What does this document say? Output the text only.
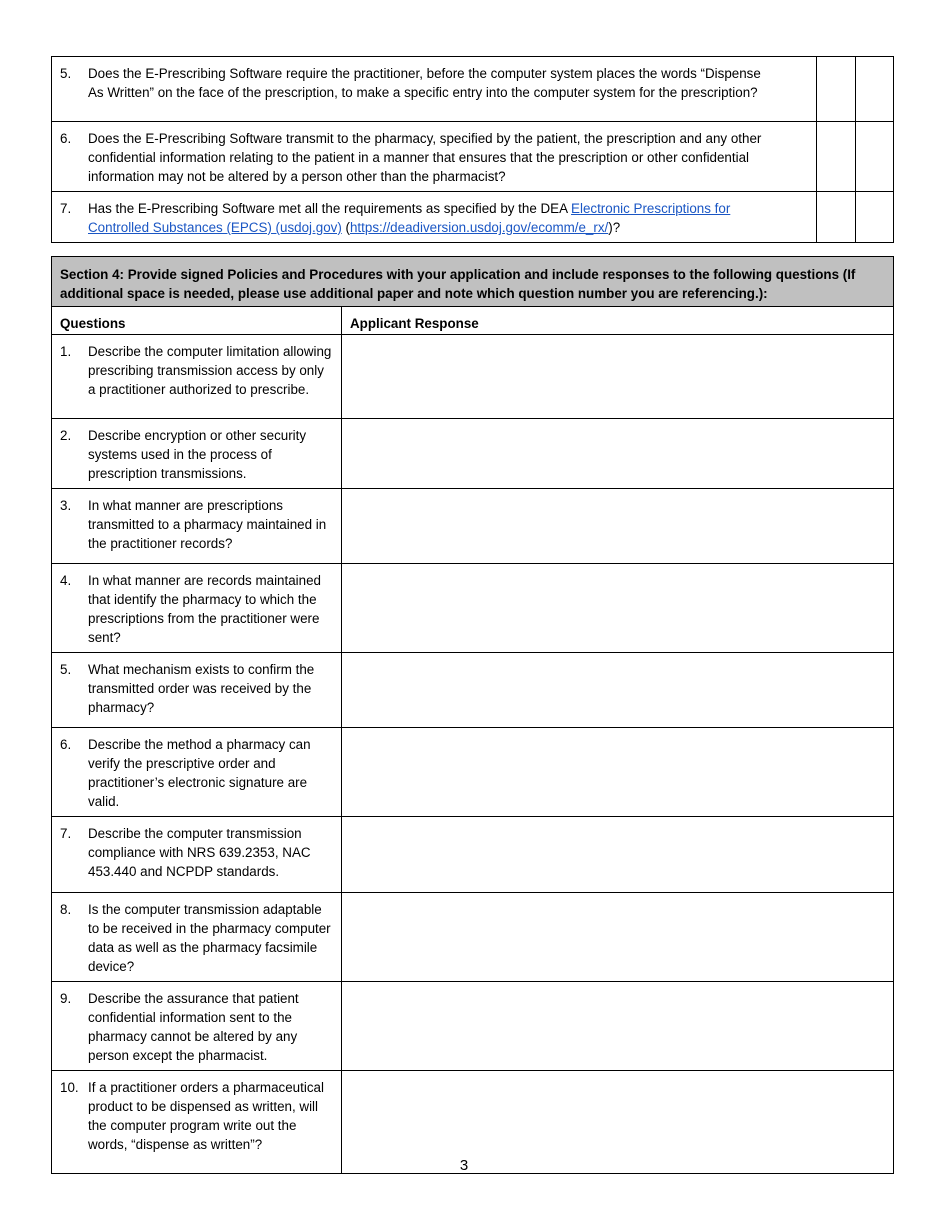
5. Does the E-Prescribing Software require the practitioner, before the computer system places the words “Dispense As Written” on the face of the prescription, to make a specific entry into the computer system for the prescription?		
6. Does the E-Prescribing Software transmit to the pharmacy, specified by the patient, the prescription and any other confidential information relating to the patient in a manner that ensures that the prescription or other confidential information may not be altered by a person other than the pharmacist?		
7. Has the E-Prescribing Software met all the requirements as specified by the DEA Electronic Prescriptions for Controlled Substances (EPCS) (usdoj.gov) (https://deadiversion.usdoj.gov/ecomm/e_rx/)?		
Section 4: Provide signed Policies and Procedures with your application and include responses to the following questions (If additional space is needed, please use additional paper and note which question number you are referencing.):	
Questions	Applicant Response
1. Describe the computer limitation allowing prescribing transmission access by only a practitioner authorized to prescribe.	
2. Describe encryption or other security systems used in the process of prescription transmissions.	
3. In what manner are prescriptions transmitted to a pharmacy maintained in the practitioner records?	
4. In what manner are records maintained that identify the pharmacy to which the prescriptions from the practitioner were sent?	
5. What mechanism exists to confirm the transmitted order was received by the pharmacy?	
6. Describe the method a pharmacy can verify the prescriptive order and practitioner’s electronic signature are valid.	
7. Describe the computer transmission compliance with NRS 639.2353, NAC 453.440 and NCPDP standards.	
8. Is the computer transmission adaptable to be received in the pharmacy computer data as well as the pharmacy facsimile device?	
9. Describe the assurance that patient confidential information sent to the pharmacy cannot be altered by any person except the pharmacist.	
10. If a practitioner orders a pharmaceutical product to be dispensed as written, will the computer program write out the words, “dispense as written”?	
3
